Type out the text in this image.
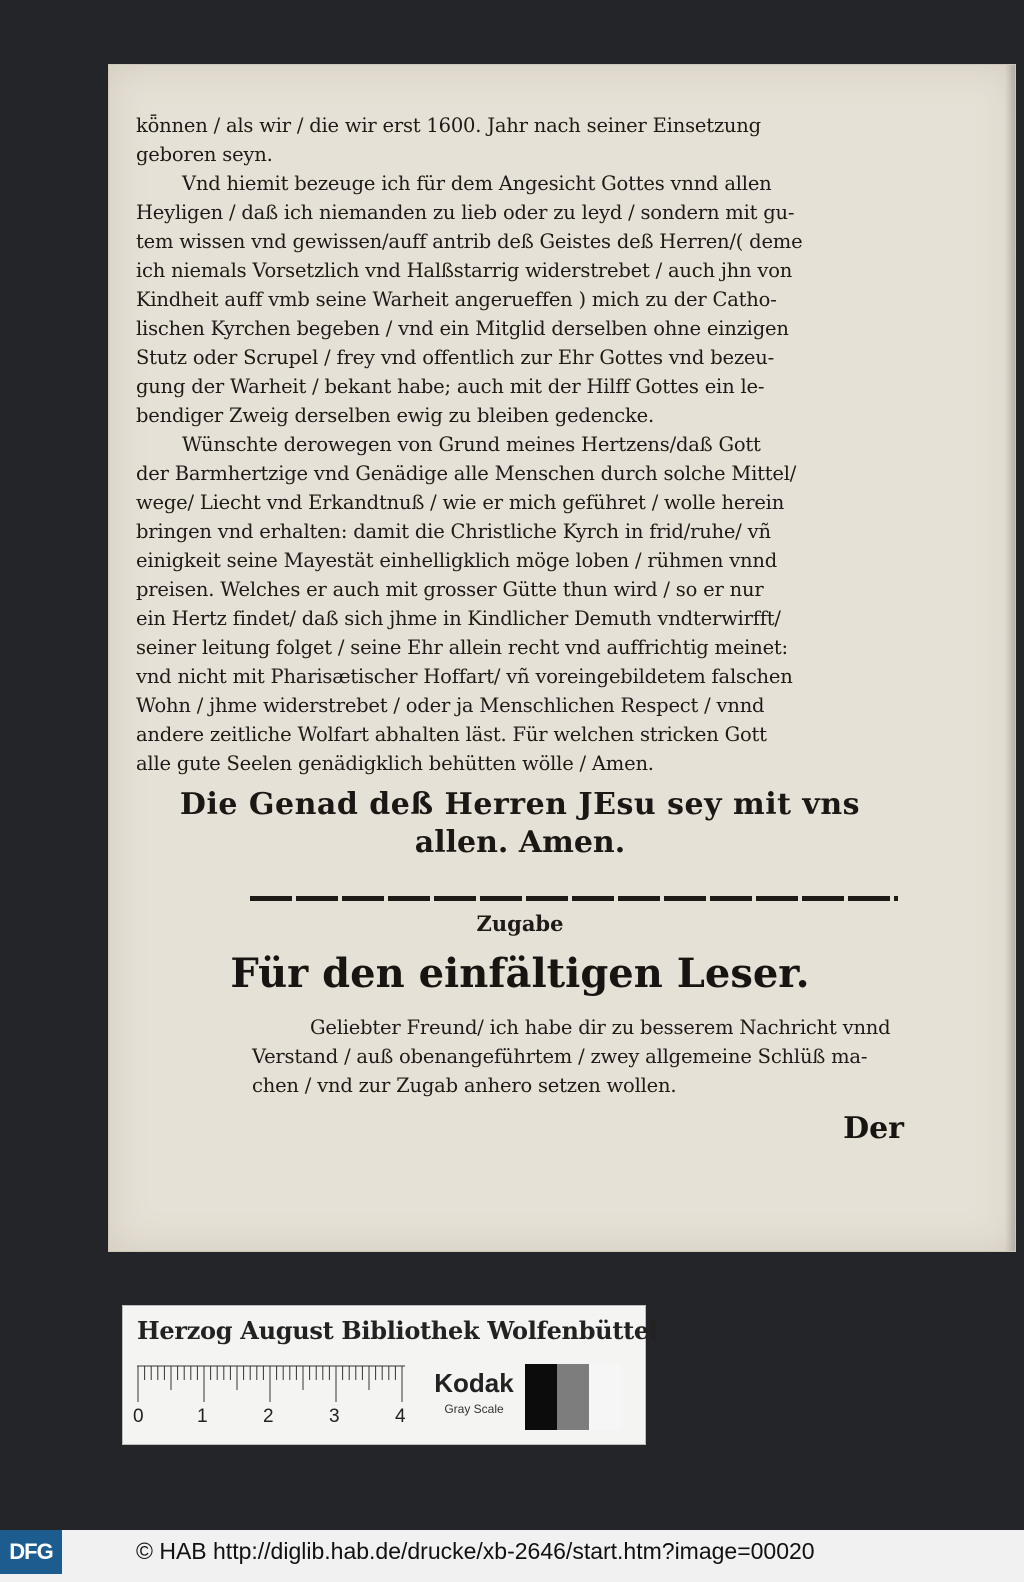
kȫnnen / als wir / die wir erst 1600. Jahr nach seiner Einsetzung
geboren seyn.
Vnd hiemit bezeuge ich für dem Angesicht Gottes vnnd allen
Heyligen / daß ich niemanden zu lieb oder zu leyd / sondern mit gu-
tem wissen vnd gewissen/auff antrib deß Geistes deß Herren/( deme
ich niemals Vorsetzlich vnd Halßstarrig widerstrebet / auch jhn von
Kindheit auff vmb seine Warheit angerueffen ) mich zu der Catho-
lischen Kyrchen begeben / vnd ein Mitglid derselben ohne einzigen
Stutz oder Scrupel / frey vnd offentlich zur Ehr Gottes vnd bezeu-
gung der Warheit / bekant habe; auch mit der Hilff Gottes ein le-
bendiger Zweig derselben ewig zu bleiben gedencke.
Wünschte derowegen von Grund meines Hertzens/daß Gott
der Barmhertzige vnd Genädige alle Menschen durch solche Mittel/
wege/ Liecht vnd Erkandtnuß / wie er mich geführet / wolle herein
bringen vnd erhalten: damit die Christliche Kyrch in frid/ruhe/ vñ
einigkeit seine Mayestät einhelligklich möge loben / rühmen vnnd
preisen. Welches er auch mit grosser Gütte thun wird / so er nur
ein Hertz findet/ daß sich jhme in Kindlicher Demuth vndterwirfft/
seiner leitung folget / seine Ehr allein recht vnd auffrichtig meinet:
vnd nicht mit Pharisætischer Hoffart/ vñ voreingebildetem falschen
Wohn / jhme widerstrebet / oder ja Menschlichen Respect / vnnd
andere zeitliche Wolfart abhalten läst. Für welchen stricken Gott
alle gute Seelen genädigklich behütten wölle / Amen.
Die Genad deß Herren JEsu sey mit vns
allen. Amen.
Zugabe
Für den einfältigen Leser.
Geliebter Freund/ ich habe dir zu besserem Nachricht vnnd
Verstand / auß obenangeführtem / zwey allgemeine Schlüß ma-
chen / vnd zur Zugab anhero setzen wollen.
Der
Herzog August Bibliothek Wolfenbüttel
0	1	2	3	4
Kodak
Gray Scale
DFG	© HAB http://diglib.hab.de/drucke/xb-2646/start.htm?image=00020
